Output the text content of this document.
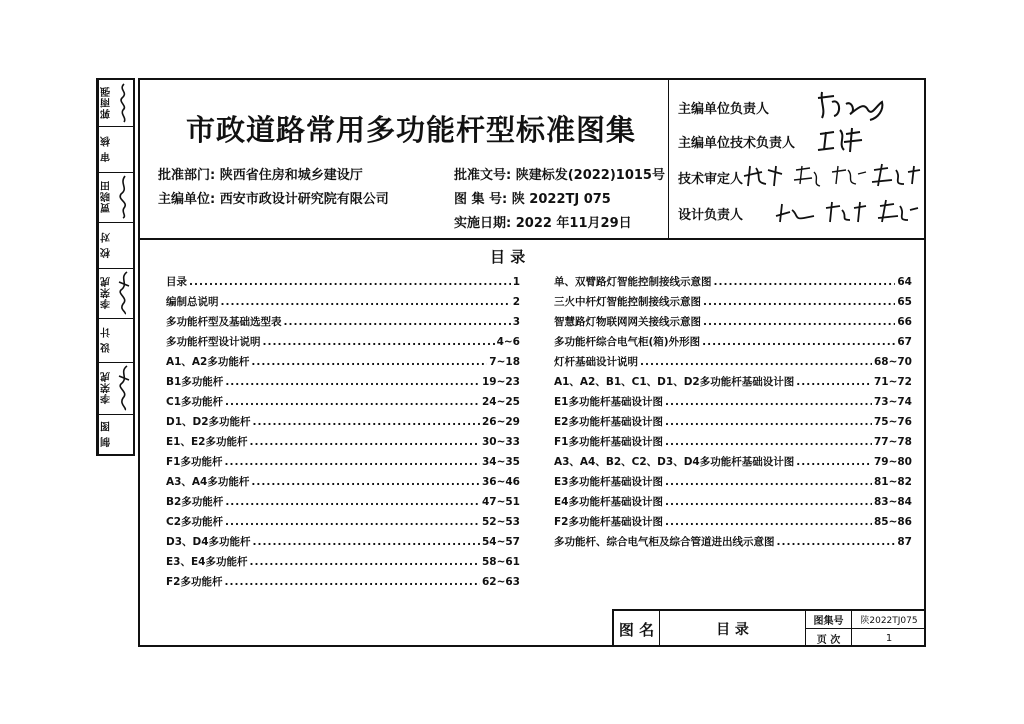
郭雨强
审 核
贾晓田
校 对
李荣虎
设 计
李荣虎
制 图
市政道路常用多功能杆型标准图集
批准部门: 陕西省住房和城乡建设厅
主编单位: 西安市政设计研究院有限公司
批准文号: 陕建标发(2022)1015号
图 集 号: 陕 2022TJ 075
实施日期: 2022 年11月29日
主编单位负责人
主编单位技术负责人
技术审定人
设计负责人
目 录
目录 .....	1
编制总说明 .....	2
多功能杆型及基础选型表 .....	3
多功能杆型设计说明 .....	4~6
A1、A2多功能杆 .....	7~18
B1多功能杆 .....	19~23
C1多功能杆 .....	24~25
D1、D2多功能杆 .....	26~29
E1、E2多功能杆 .....	30~33
F1多功能杆 .....	34~35
A3、A4多功能杆 .....	36~46
B2多功能杆 .....	47~51
C2多功能杆 .....	52~53
D3、D4多功能杆 .....	54~57
E3、E4多功能杆 .....	58~61
F2多功能杆 .....	62~63
单、双臂路灯智能控制接线示意图 .....	64
三火中杆灯智能控制接线示意图 .....	65
智慧路灯物联网网关接线示意图 .....	66
多功能杆综合电气柜(箱)外形图 .....	67
灯杆基础设计说明 .....	68~70
A1、A2、B1、C1、D1、D2多功能杆基础设计图 .....	71~72
E1多功能杆基础设计图 .....	73~74
E2多功能杆基础设计图 .....	75~76
F1多功能杆基础设计图 .....	77~78
A3、A4、B2、C2、D3、D4多功能杆基础设计图 .....	79~80
E3多功能杆基础设计图 .....	81~82
E4多功能杆基础设计图 .....	83~84
F2多功能杆基础设计图 .....	85~86
多功能杆、综合电气柜及综合管道进出线示意图 .....	87
图 名	目 录
图集号	陕2022TJ075
页 次	1
